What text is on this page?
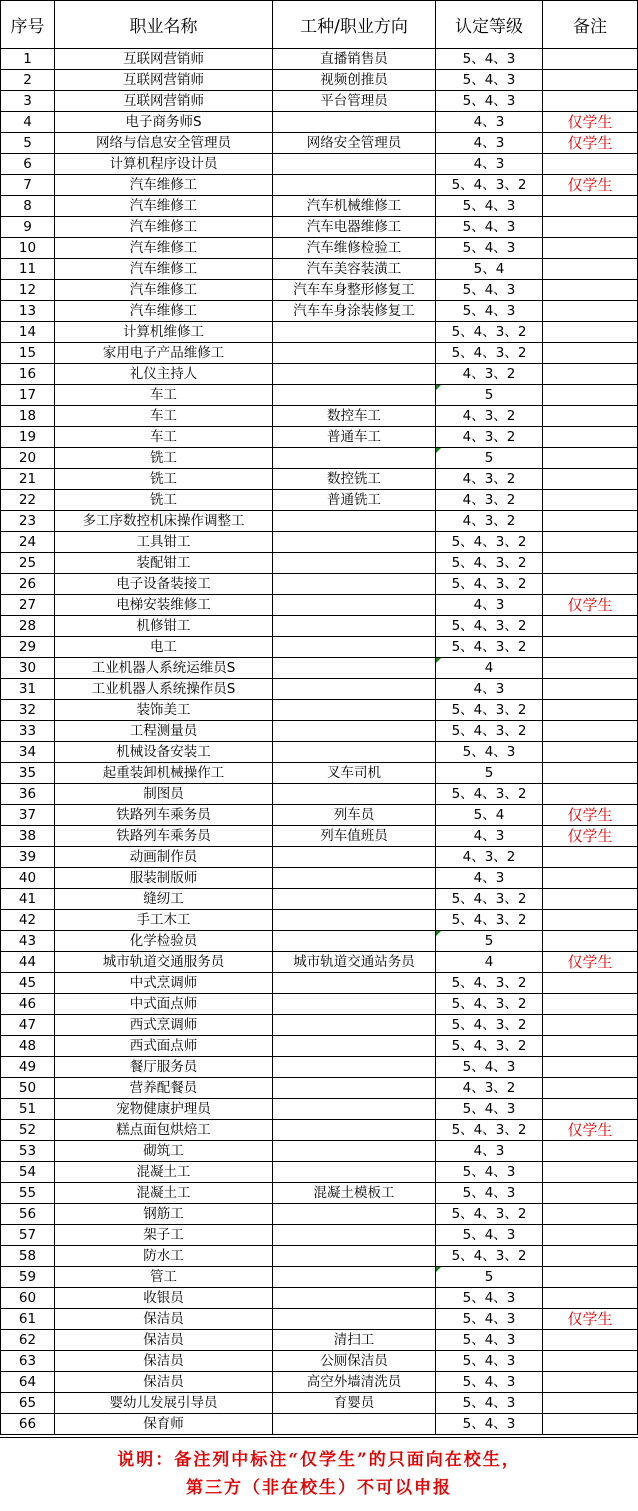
序号	职业名称	工种/职业方向	认定等级	备注
1	互联网营销师	直播销售员	5、4、3	
2	互联网营销师	视频创推员	5、4、3	
3	互联网营销师	平台管理员	5、4、3	
4	电子商务师S		4、3	仅学生
5	网络与信息安全管理员	网络安全管理员	4、3	仅学生
6	计算机程序设计员		4、3	
7	汽车维修工		5、4、3、2	仅学生
8	汽车维修工	汽车机械维修工	5、4、3	
9	汽车维修工	汽车电器维修工	5、4、3	
10	汽车维修工	汽车维修检验工	5、4、3	
11	汽车维修工	汽车美容装潢工	5、4	
12	汽车维修工	汽车车身整形修复工	5、4、3	
13	汽车维修工	汽车车身涂装修复工	5、4、3	
14	计算机维修工		5、4、3、2	
15	家用电子产品维修工		5、4、3、2	
16	礼仪主持人		4、3、2	
17	车工		5	
18	车工	数控车工	4、3、2	
19	车工	普通车工	4、3、2	
20	铣工		5	
21	铣工	数控铣工	4、3、2	
22	铣工	普通铣工	4、3、2	
23	多工序数控机床操作调整工		4、3、2	
24	工具钳工		5、4、3、2	
25	装配钳工		5、4、3、2	
26	电子设备装接工		5、4、3、2	
27	电梯安装维修工		4、3	仅学生
28	机修钳工		5、4、3、2	
29	电工		5、4、3、2	
30	工业机器人系统运维员S		4	
31	工业机器人系统操作员S		4、3	
32	装饰美工		5、4、3、2	
33	工程测量员		5、4、3、2	
34	机械设备安装工		5、4、3	
35	起重装卸机械操作工	叉车司机	5	
36	制图员		5、4、3、2	
37	铁路列车乘务员	列车员	5、4	仅学生
38	铁路列车乘务员	列车值班员	4、3	仅学生
39	动画制作员		4、3、2	
40	服装制版师		4、3	
41	缝纫工		5、4、3、2	
42	手工木工		5、4、3、2	
43	化学检验员		5	
44	城市轨道交通服务员	城市轨道交通站务员	4	仅学生
45	中式烹调师		5、4、3、2	
46	中式面点师		5、4、3、2	
47	西式烹调师		5、4、3、2	
48	西式面点师		5、4、3、2	
49	餐厅服务员		5、4、3	
50	营养配餐员		4、3、2	
51	宠物健康护理员		5、4、3	
52	糕点面包烘焙工		5、4、3、2	仅学生
53	砌筑工		4、3	
54	混凝土工		5、4、3	
55	混凝土工	混凝土模板工	5、4、3	
56	钢筋工		5、4、3、2	
57	架子工		5、4、3	
58	防水工		5、4、3、2	
59	管工		5	
60	收银员		5、4、3	
61	保洁员		5、4、3	仅学生
62	保洁员	清扫工	5、4、3	
63	保洁员	公厕保洁员	5、4、3	
64	保洁员	高空外墙清洗员	5、4、3	
65	婴幼儿发展引导员	育婴员	5、4、3	
66	保育师		5、4、3	

说明：备注列中标注“仅学生”的只面向在校生，

第三方（非在校生）不可以申报
